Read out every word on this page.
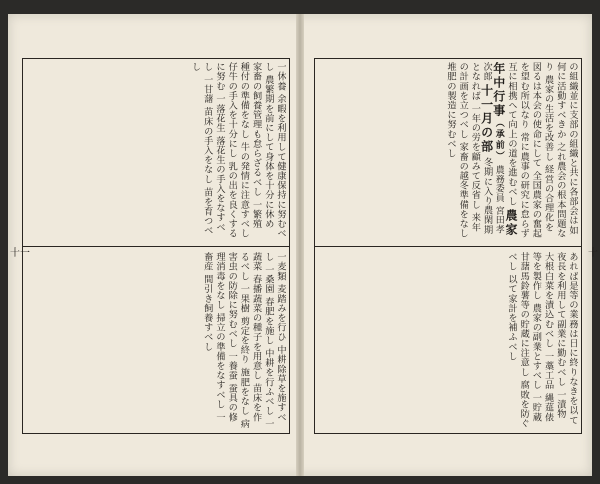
一休養 余暇を利用して健康保持に努むべし 農繁期を前にして身体を十分に休め 家畜の飼養管理も怠らざるべし 一繁殖 種付の準備をなし 牛の発情に注意すべし 仔牛の手入を十分にし 乳の出を良くするに努む 一落花生 落花生の手入をなすべし 一甘藷 苗床の手入をなし 苗を育つべし
一麦類 麦踏みを行ひ 中耕除草を施すべし 一桑園 春肥を施し 中耕を行ふべし 一蔬菜 春播蔬菜の種子を用意し 苗床を作るべし 一果樹 剪定を終り 施肥をなし 病害虫の防除に努むべし 一養蚕 蚕具の修理消毒をなし 掃立の準備をなすべし 一畜産 間引き飼養すべし
の組織並に支部の組織と共に各部会は如何に活動すべきか 之れ農会の根本問題なり 農家の生活を改善し 経営の合理化を図るは本会の使命にして 全国農家の奮起を望む所以なり 常に農事の研究に怠らず 互に相携へて向上の道を進むべし 農家年中行事（承前） 農務委員 宮田孝次郎 十一月の部 冬期に入り農閑期となれば 一年の労を顧みて反省し 来年の計画を立つべし 家畜の越冬準備をなし 堆肥の製造に努むべし
あれば是等の業務は日に終りなきを以て 夜長を利用して副業に勤むべし 一漬物 大根白菜を漬込むべし 一藁工品 縄莚俵等を製作し 農家の副業とすべし 一貯蔵 甘藷馬鈴薯等の貯蔵に注意し 腐敗を防ぐべし 以て家計を補ふべし
十一	十
